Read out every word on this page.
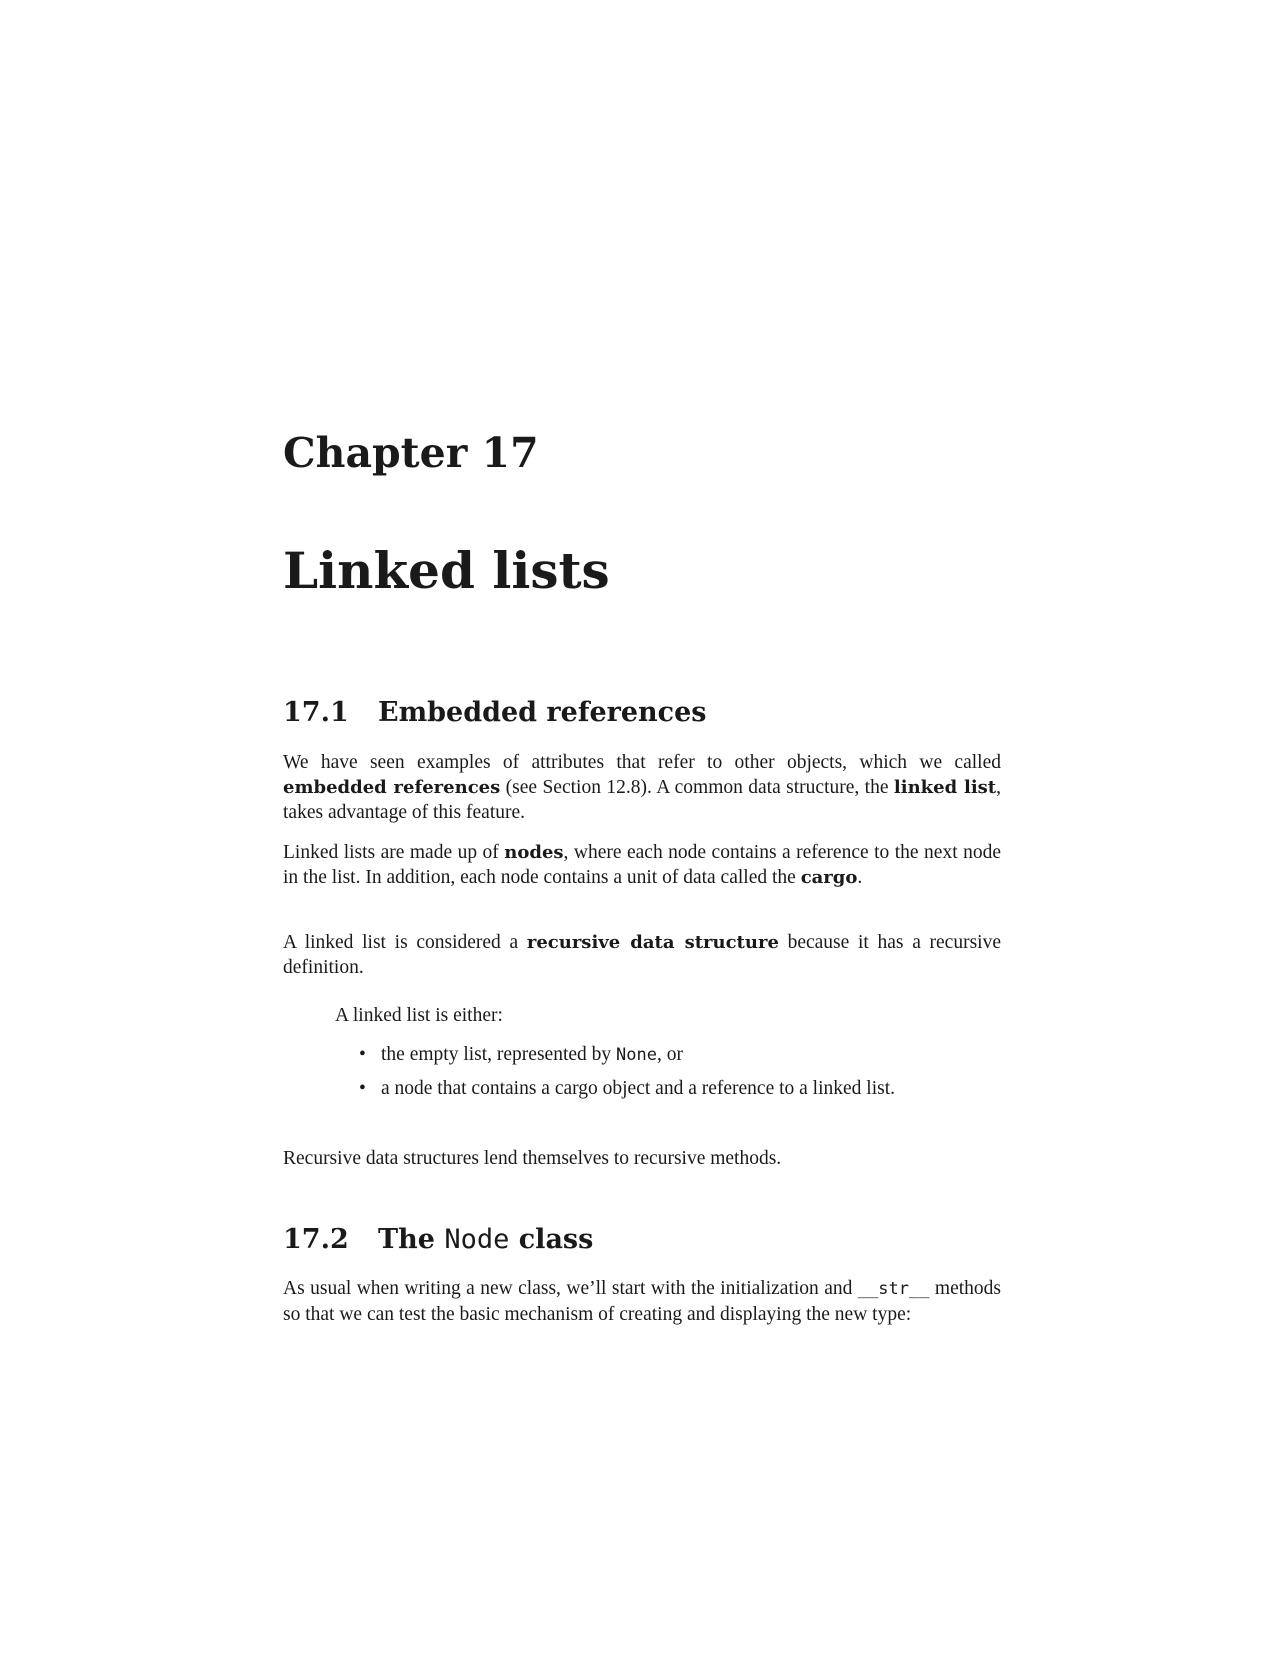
Chapter 17
Linked lists
17.1 Embedded references

We have seen examples of attributes that refer to other objects, which we called embedded references (see Section 12.8). A common data structure, the linked list, takes advantage of this feature.

Linked lists are made up of nodes, where each node contains a reference to the next node in the list. In addition, each node contains a unit of data called the cargo.

A linked list is considered a recursive data structure because it has a recursive definition.

A linked list is either:

• the empty list, represented by None, or
• a node that contains a cargo object and a reference to a linked list.

Recursive data structures lend themselves to recursive methods.

17.2 The Node class

As usual when writing a new class, we’ll start with the initialization and __str__ methods so that we can test the basic mechanism of creating and displaying the new type:
